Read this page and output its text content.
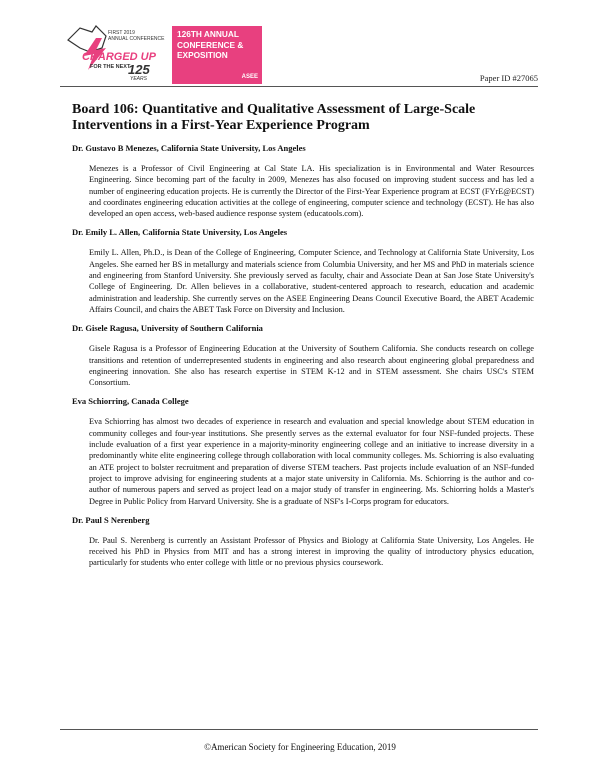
FIRST 2019
ANNUAL CONFERENCE
CHARGED UP
FOR THE NEXT
125
YEARS
126TH ANNUAL
CONFERENCE &
EXPOSITION
ASEE	Paper ID #27065
Board 106: Quantitative and Qualitative Assessment of Large-Scale Interventions in a First-Year Experience Program

Dr. Gustavo B Menezes, California State University, Los Angeles

Menezes is a Professor of Civil Engineering at Cal State LA. His specialization is in Environmental and Water Resources Engineering. Since becoming part of the faculty in 2009, Menezes has also focused on improving student success and has led a number of engineering education projects. He is currently the Director of the First-Year Experience program at ECST (FYrE@ECST) and coordinates engineering education activities at the college of engineering, computer science and technology (ECST). He has also developed an open access, web-based audience response system (educatools.com).

Dr. Emily L. Allen, California State University, Los Angeles

Emily L. Allen, Ph.D., is Dean of the College of Engineering, Computer Science, and Technology at California State University, Los Angeles. She earned her BS in metallurgy and materials science from Columbia University, and her MS and PhD in materials science and engineering from Stanford University. She previously served as faculty, chair and Associate Dean at San Jose State University's College of Engineering. Dr. Allen believes in a collaborative, student-centered approach to research, education and academic administration and leadership. She currently serves on the ASEE Engineering Deans Council Executive Board, the ABET Academic Affairs Council, and chairs the ABET Task Force on Diversity and Inclusion.

Dr. Gisele Ragusa, University of Southern California

Gisele Ragusa is a Professor of Engineering Education at the University of Southern California. She conducts research on college transitions and retention of underrepresented students in engineering and also research about engineering global preparedness and engineering innovation. She also has research expertise in STEM K-12 and in STEM assessment. She chairs USC's STEM Consortium.

Eva Schiorring, Canada College

Eva Schiorring has almost two decades of experience in research and evaluation and special knowledge about STEM education in community colleges and four-year institutions. She presently serves as the external evaluator for four NSF-funded projects. These include evaluation of a first year experience in a majority-minority engineering college and an initiative to increase diversity in a predominantly white elite engineering college through collaboration with local community colleges. Ms. Schiorring is also evaluating an ATE project to bolster recruitment and preparation of diverse STEM teachers. Past projects include evaluation of an NSF-funded project to improve advising for engineering students at a major state university in California. Ms. Schiorring is the author and co-author of numerous papers and served as project lead on a major study of transfer in engineering. Ms. Schiorring holds a Master's Degree in Public Policy from Harvard University. She is a graduate of NSF's I-Corps program for educators.

Dr. Paul S Nerenberg

Dr. Paul S. Nerenberg is currently an Assistant Professor of Physics and Biology at California State University, Los Angeles. He received his PhD in Physics from MIT and has a strong interest in improving the quality of introductory physics education, particularly for students who enter college with little or no previous physics coursework.

©American Society for Engineering Education, 2019
